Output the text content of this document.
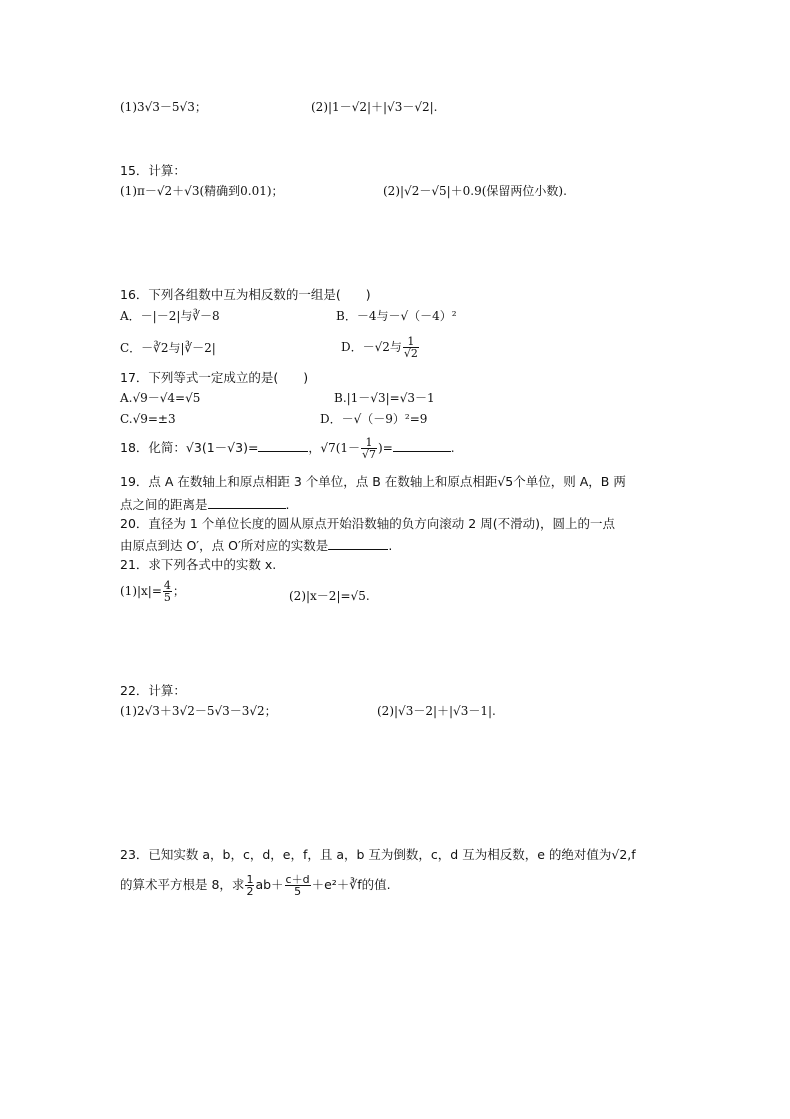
(1)3√3－5√3；	(2)|1－√2|＋|√3－√2|.
15．计算：
(1)π－√2＋√3(精确到0.01)；	(2)|√2－√5|＋0.9(保留两位小数).
16．下列各组数中互为相反数的一组是(　　)
A．－|－2|与∛－8	B．－4与－√（－4）²
C．－∛2与|∛－2|	D．－√2与 $\frac{1}{√2}$
17．下列等式一定成立的是(　　)
A.√9－√4=√5	B.|1－√3|=√3－1
C.√9=±3	D．－√（－9）²=9
18．化简：√3(1－√3)=	，$√7(1- \frac{1}{√7}$ )=	.
19．点 A 在数轴上和原点相距 3 个单位，点 B 在数轴上和原点相距√5个单位，则 A，B 两
点之间的距离是	.
20．直径为 1 个单位长度的圆从原点开始沿数轴的负方向滚动 2 周(不滑动)，圆上的一点
由原点到达 O′，点 O′所对应的实数是	.
21．求下列各式中的实数 x.
$(1)|x|= \frac{4}{5}$ ；	(2)|x－2|=√5.
22．计算：
(1)2√3＋3√2－5√3－3√2；	(2)|√3－2|＋|√3－1|.
23．已知实数 a，b，c，d，e，f，且 a，b 互为倒数，c，d 互为相反数，e 的绝对值为√2,f
的算术平方根是 8，求 $\frac{1}{2} ab+ \frac{c+d}{5}$ ＋e²＋∛f的值.
